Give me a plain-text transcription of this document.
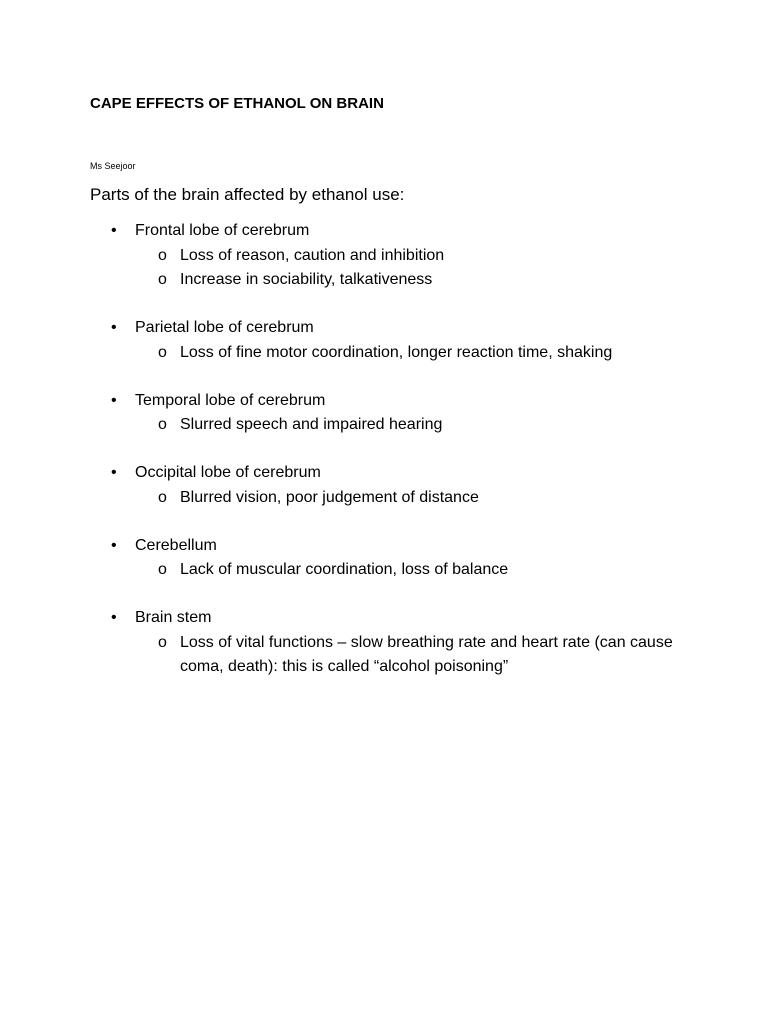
CAPE EFFECTS OF ETHANOL ON BRAIN
Ms Seejoor
Parts of the brain affected by ethanol use:
• Frontal lobe of cerebrum
o Loss of reason, caution and inhibition
o Increase in sociability, talkativeness
• Parietal lobe of cerebrum
o Loss of fine motor coordination, longer reaction time, shaking
• Temporal lobe of cerebrum
o Slurred speech and impaired hearing
• Occipital lobe of cerebrum
o Blurred vision, poor judgement of distance
• Cerebellum
o Lack of muscular coordination, loss of balance
• Brain stem
o Loss of vital functions – slow breathing rate and heart rate (can cause coma, death): this is called “alcohol poisoning”
